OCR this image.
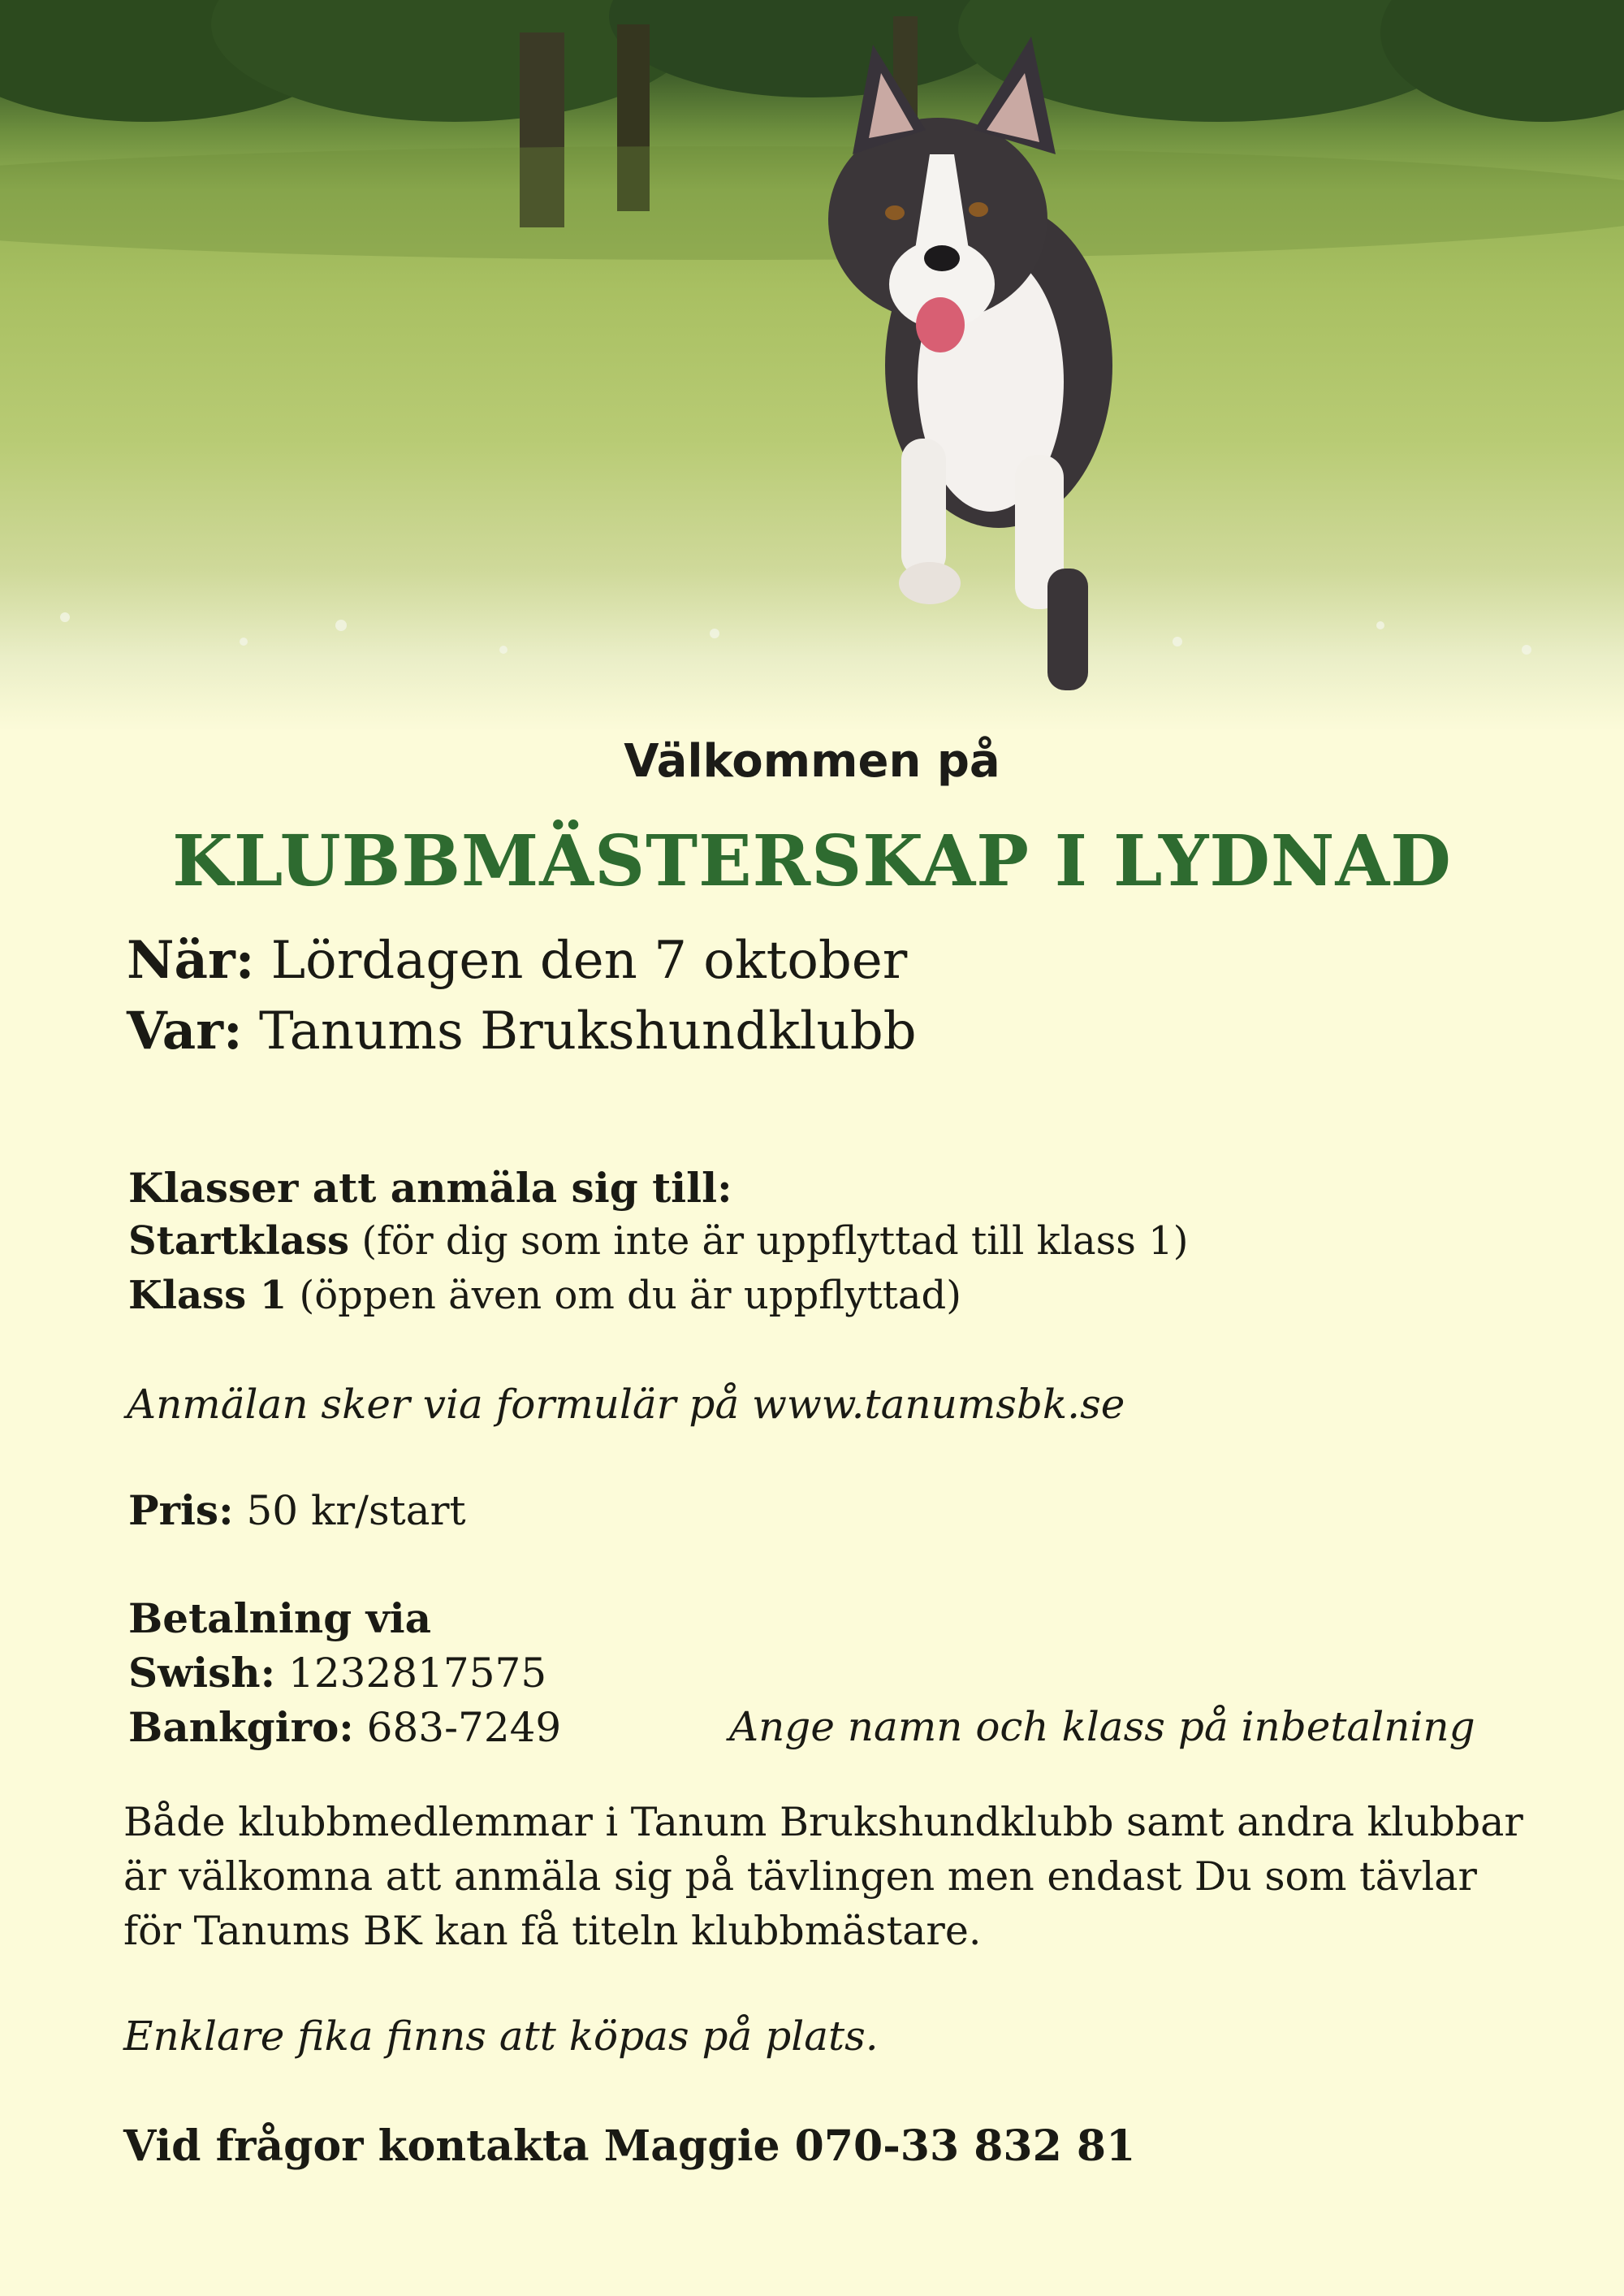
Välkommen på
KLUBBMÄSTERSKAP I LYDNAD
När: Lördagen den 7 oktober
Var: Tanums Brukshundklubb
Klasser att anmäla sig till:
Startklass (för dig som inte är uppflyttad till klass 1)
Klass 1 (öppen även om du är uppflyttad)
Anmälan sker via formulär på www.tanumsbk.se
Pris: 50 kr/start
Betalning via
Swish: 1232817575
Bankgiro: 683-7249	Ange namn och klass på inbetalning
Både klubbmedlemmar i Tanum Brukshundklubb samt andra klubbar
är välkomna att anmäla sig på tävlingen men endast Du som tävlar
för Tanums BK kan få titeln klubbmästare.
Enklare fika finns att köpas på plats.
Vid frågor kontakta Maggie 070-33 832 81
